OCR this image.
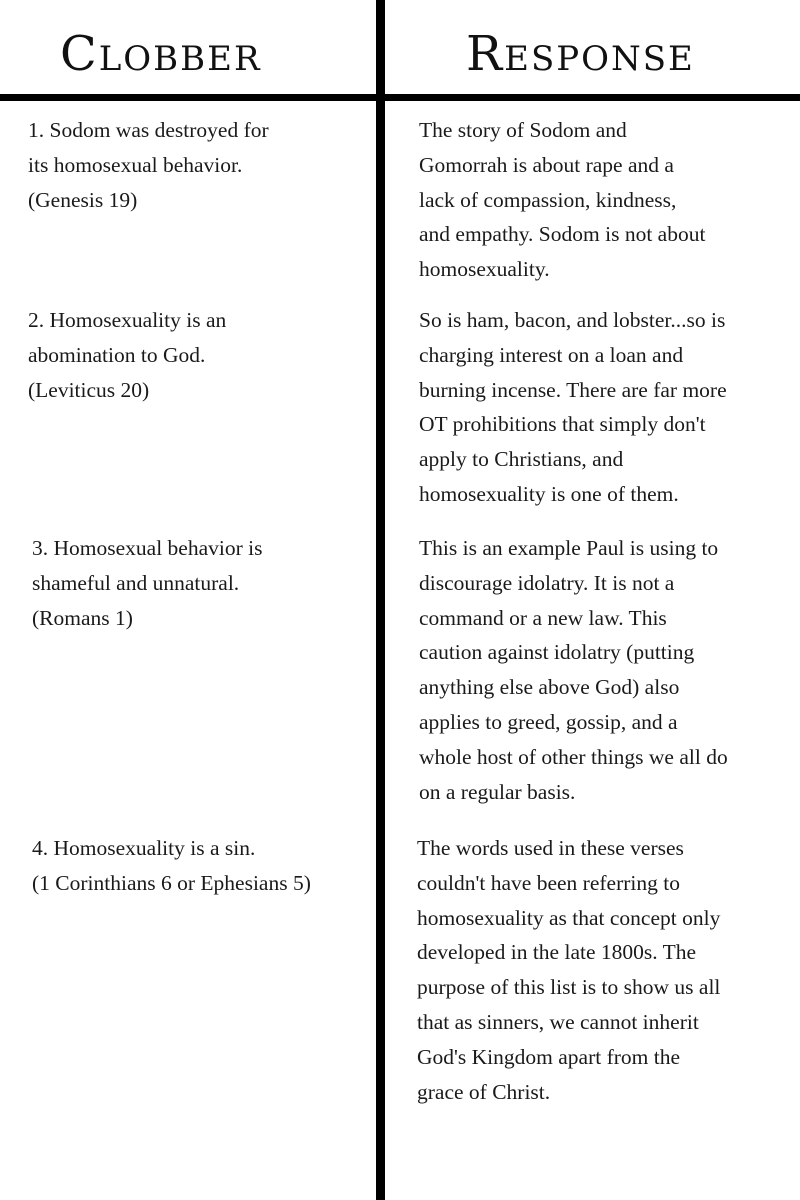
Clobber	Response

1. Sodom was destroyed for
its homosexual behavior.
(Genesis 19)

The story of Sodom and
Gomorrah is about rape and a
lack of compassion, kindness,
and empathy. Sodom is not about
homosexuality.

2. Homosexuality is an
abomination to God.
(Leviticus 20)

So is ham, bacon, and lobster...so is
charging interest on a loan and
burning incense. There are far more
OT prohibitions that simply don't
apply to Christians, and
homosexuality is one of them.

3. Homosexual behavior is
shameful and unnatural.
(Romans 1)

This is an example Paul is using to
discourage idolatry. It is not a
command or a new law. This
caution against idolatry (putting
anything else above God) also
applies to greed, gossip, and a
whole host of other things we all do
on a regular basis.

4. Homosexuality is a sin.
(1 Corinthians 6 or Ephesians 5)

The words used in these verses
couldn't have been referring to
homosexuality as that concept only
developed in the late 1800s. The
purpose of this list is to show us all
that as sinners, we cannot inherit
God's Kingdom apart from the
grace of Christ.
